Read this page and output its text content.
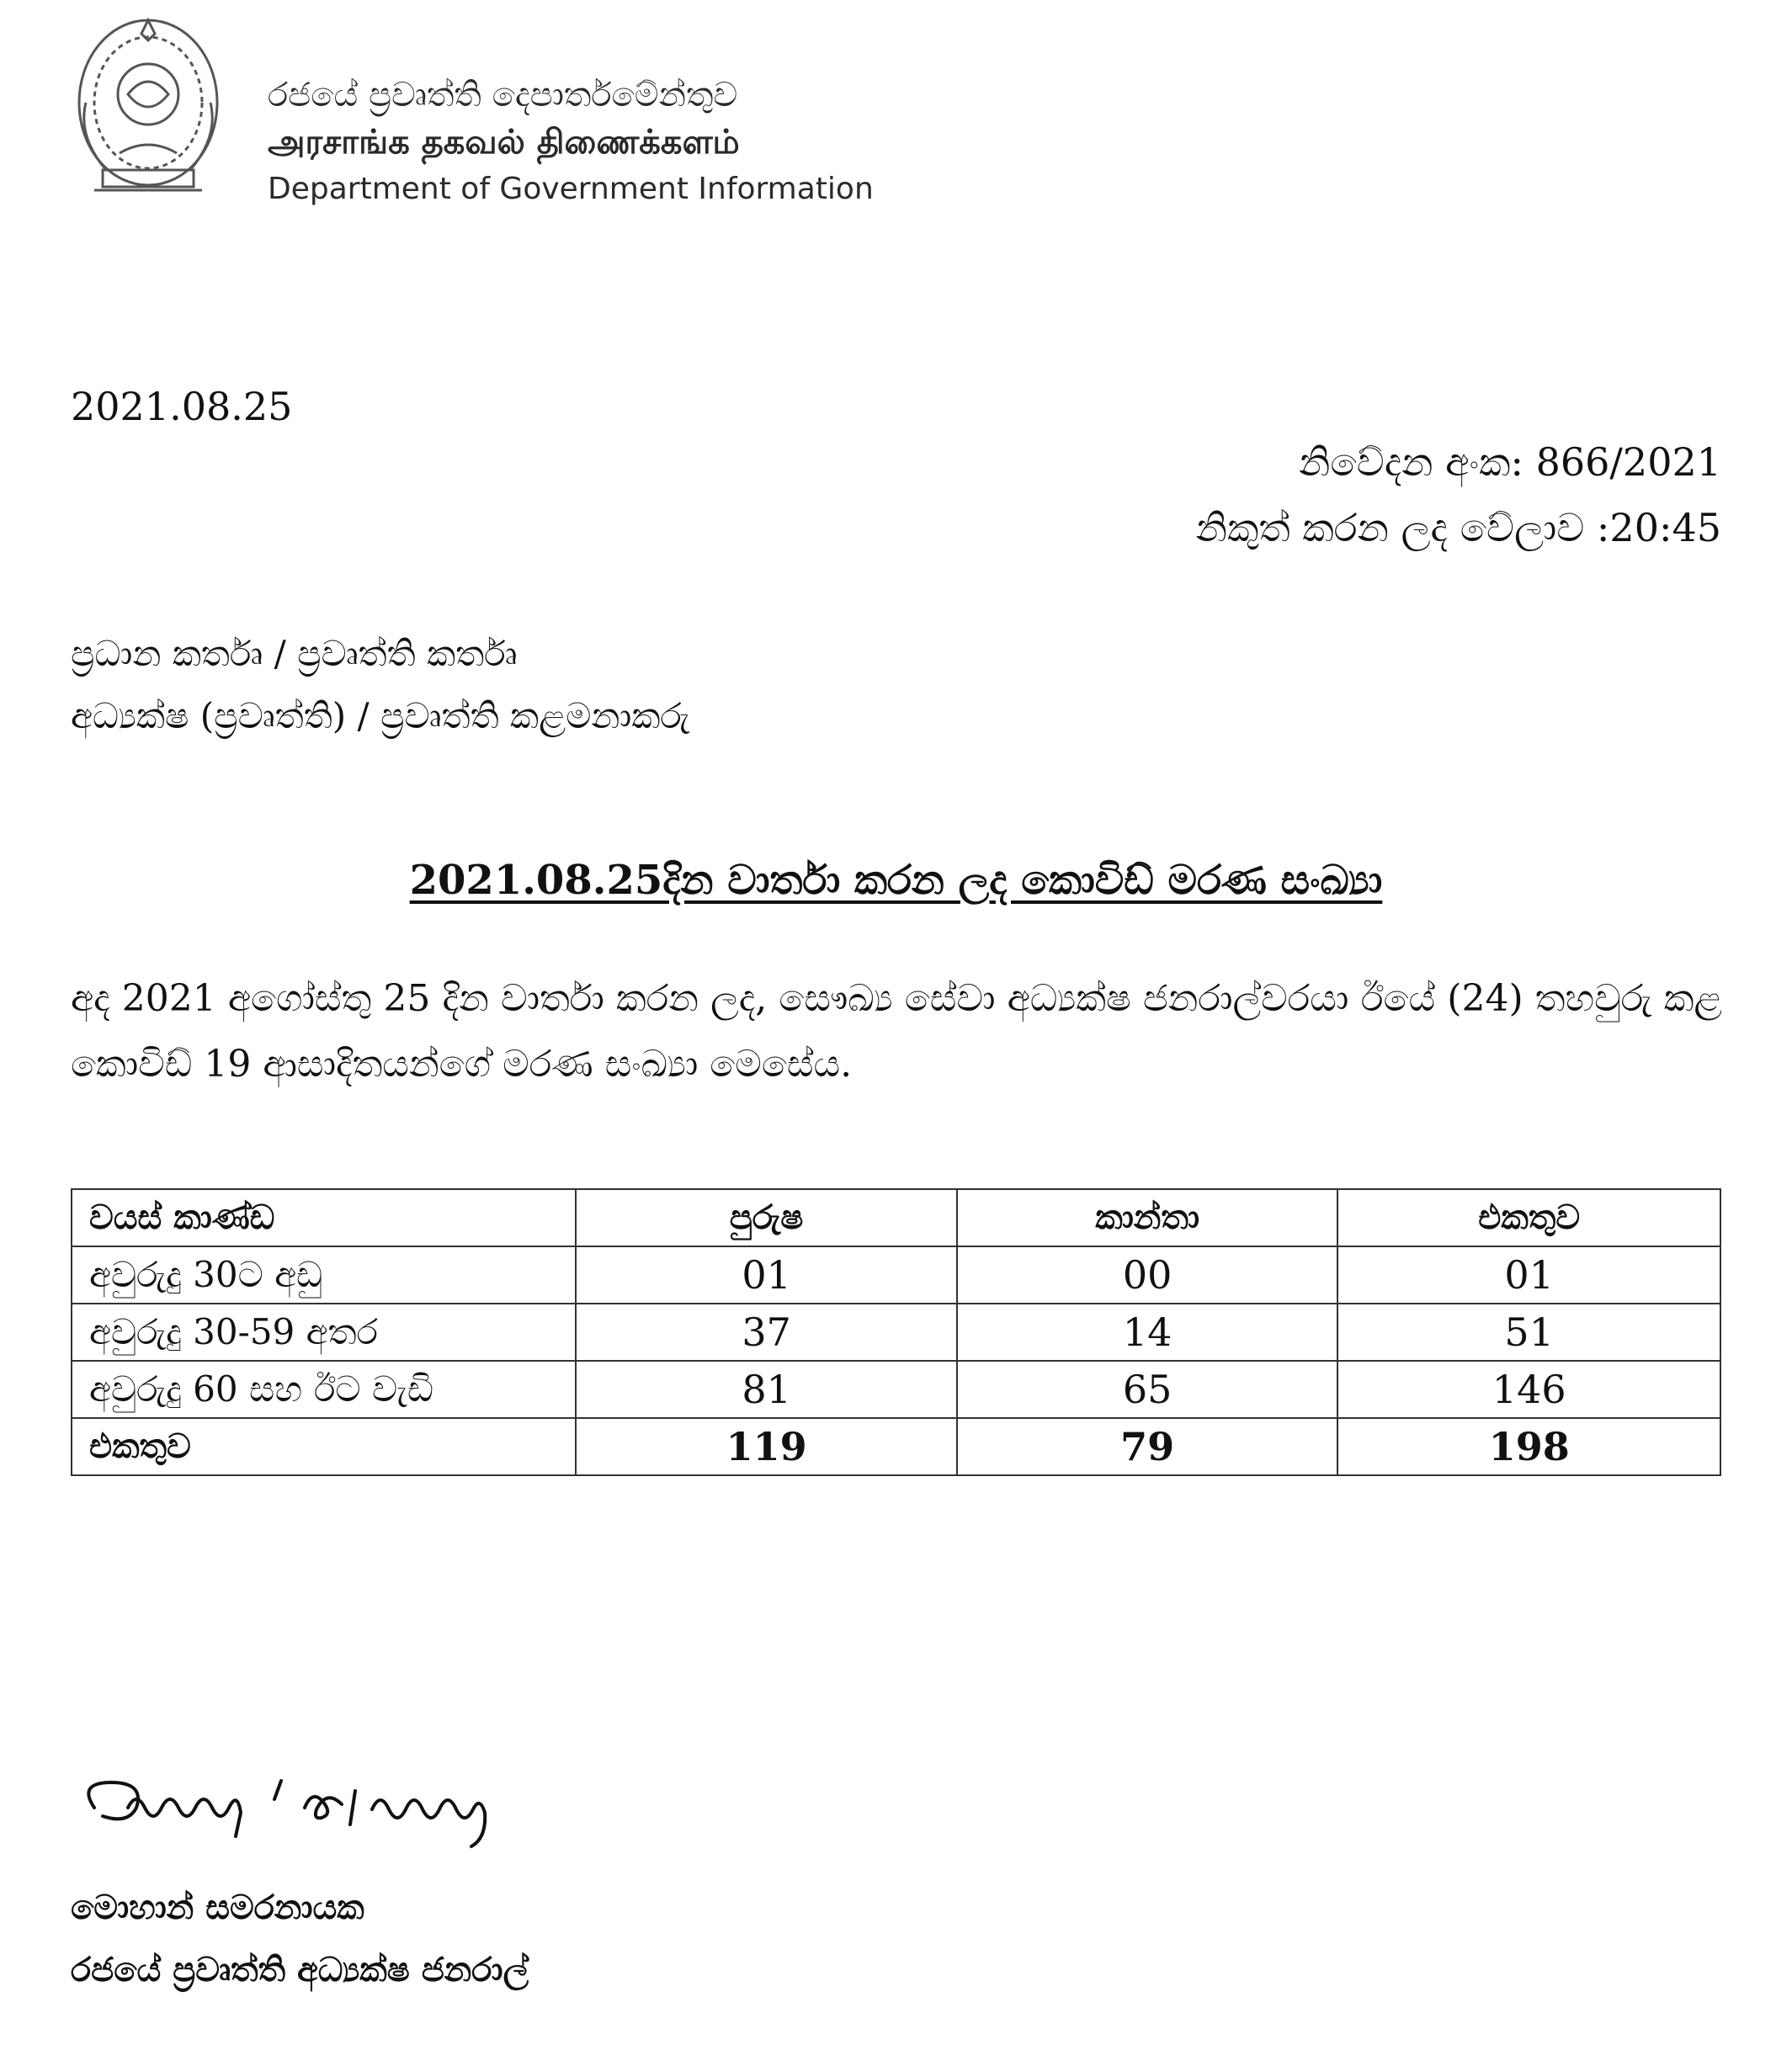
රජයේ ප්‍රවෘත්ති දෙපාර්තමේන්තුව
அரசாங்க தகவல் திணைக்களம்
Department of Government Information
2021.08.25
නිවේදන අංක: 866/2021
නිකුත් කරන ලද වේලාව :20:45
ප්‍රධාන කර්තෘ / ප්‍රවෘත්ති කර්තෘ
අධ්‍යක්ෂ (ප්‍රවෘත්ති) / ප්‍රවෘත්ති කළමනාකරු
2021.08.25දින වාර්තා කරන ලද කොවිඩ් මරණ සංඛ්‍යා
අද 2021 අගෝස්තු 25 දින වාර්තා කරන ලද, සෞඛ්‍ය සේවා අධ්‍යක්ෂ ජනරාල්වරයා ඊයේ (24) තහවුරු කළ කොවිඩ් 19 ආසාදිතයන්ගේ මරණ සංඛ්‍යා මෙසේය.
වයස් කාණ්ඩ	පුරුෂ	කාන්තා	එකතුව
අවුරුදු 30ට අඩු	01	00	01
අවුරුදු 30-59 අතර	37	14	51
අවුරුදු 60 සහ ඊට වැඩි	81	65	146
එකතුව	119	79	198
මොහාන් සමරනායක
රජයේ ප්‍රවෘත්ති අධ්‍යක්ෂ ජනරාල්
